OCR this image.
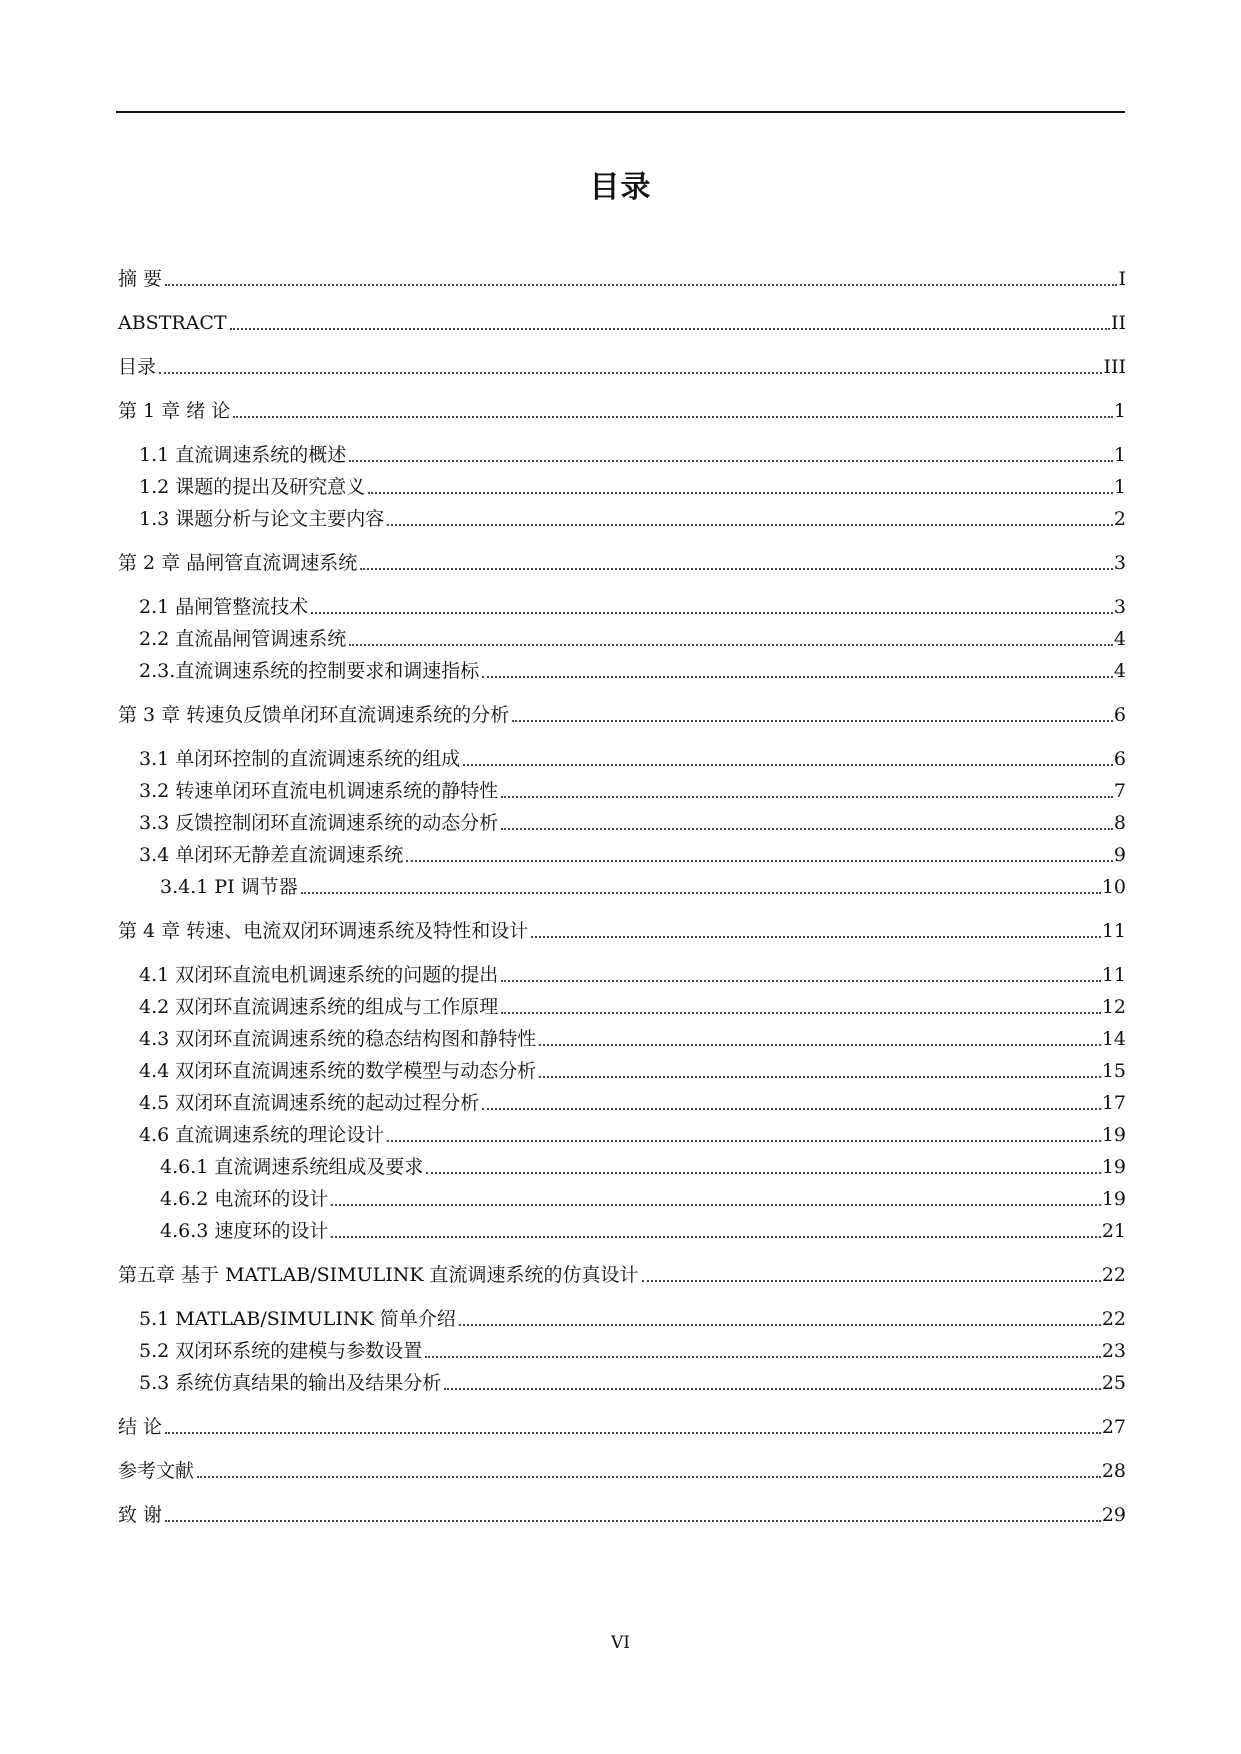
目录
摘 要	I
ABSTRACT	II
目录	III
第 1 章 绪 论	1
1.1 直流调速系统的概述	1
1.2 课题的提出及研究意义	1
1.3 课题分析与论文主要内容	2
第 2 章 晶闸管直流调速系统	3
2.1 晶闸管整流技术	3
2.2 直流晶闸管调速系统	4
2.3.直流调速系统的控制要求和调速指标	4
第 3 章 转速负反馈单闭环直流调速系统的分析	6
3.1 单闭环控制的直流调速系统的组成	6
3.2 转速单闭环直流电机调速系统的静特性	7
3.3 反馈控制闭环直流调速系统的动态分析	8
3.4 单闭环无静差直流调速系统	9
3.4.1 PI 调节器	10
第 4 章 转速、电流双闭环调速系统及特性和设计	11
4.1 双闭环直流电机调速系统的问题的提出	11
4.2 双闭环直流调速系统的组成与工作原理	12
4.3 双闭环直流调速系统的稳态结构图和静特性	14
4.4 双闭环直流调速系统的数学模型与动态分析	15
4.5 双闭环直流调速系统的起动过程分析	17
4.6 直流调速系统的理论设计	19
4.6.1 直流调速系统组成及要求	19
4.6.2 电流环的设计	19
4.6.3 速度环的设计	21
第五章 基于 MATLAB/SIMULINK 直流调速系统的仿真设计	22
5.1 MATLAB/SIMULINK 简单介绍	22
5.2 双闭环系统的建模与参数设置	23
5.3 系统仿真结果的输出及结果分析	25
结 论	27
参考文献	28
致 谢	29
VI
